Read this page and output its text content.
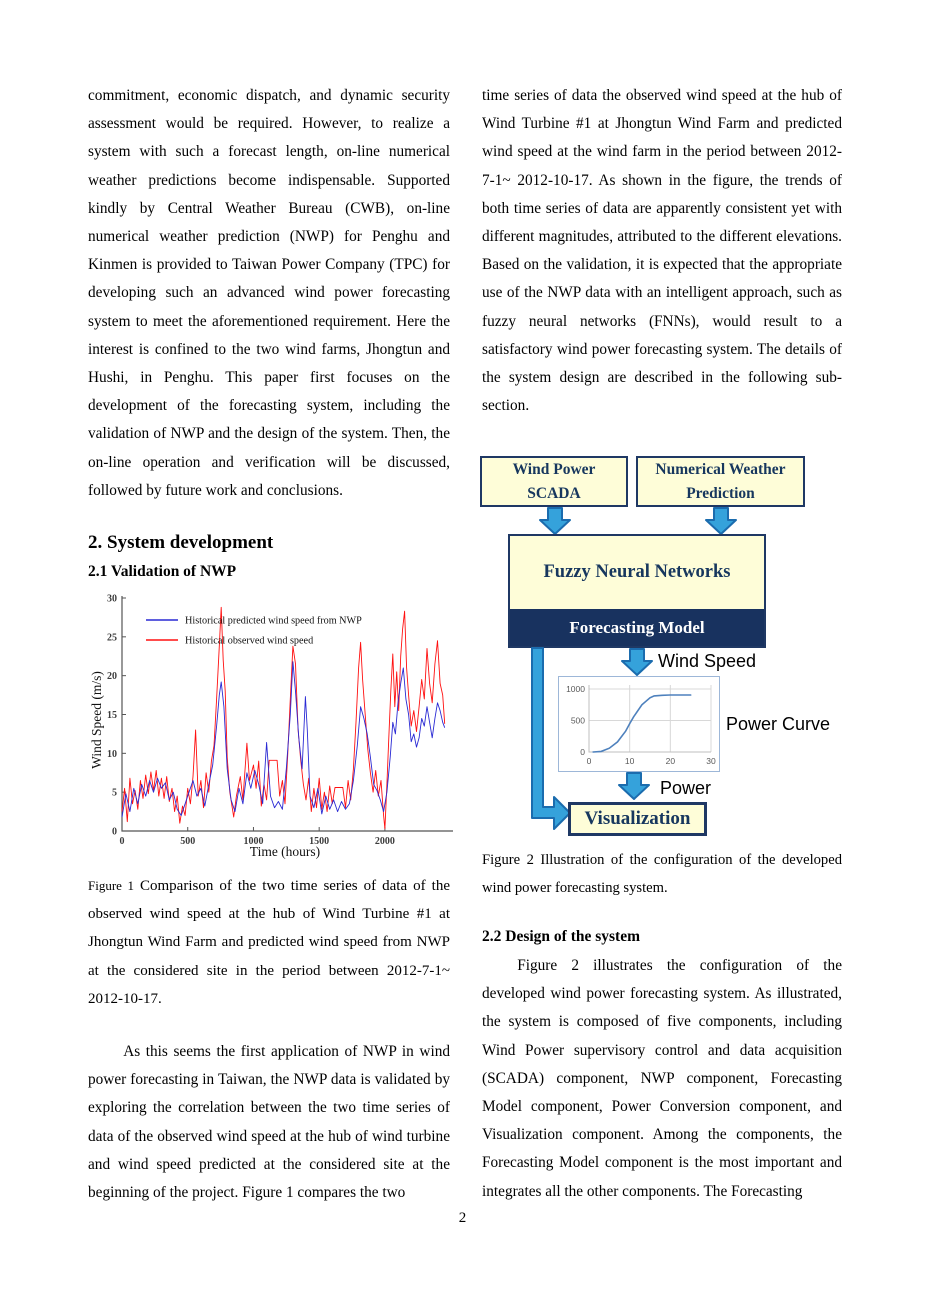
commitment, economic dispatch, and dynamic security assessment would be required. However, to realize a system with such a forecast length, on-line numerical weather predictions become indispensable. Supported kindly by Central Weather Bureau (CWB), on-line numerical weather prediction (NWP) for Penghu and Kinmen is provided to Taiwan Power Company (TPC) for developing such an advanced wind power forecasting system to meet the aforementioned requirement. Here the interest is confined to the two wind farms, Jhongtun and Hushi, in Penghu. This paper first focuses on the development of the forecasting system, including the validation of NWP and the design of the system. Then, the on-line operation and verification will be discussed, followed by future work and conclusions.

2. System development
2.1 Validation of NWP
0
5
10
15
20
25
30
0	500	1000	1500	2000
Historical predicted wind speed from NWP
Historical observed wind speed
Wind Speed (m/s)
Time (hours)

Figure 1 Comparison of the two time series of data of the observed wind speed at the hub of Wind Turbine #1 at Jhongtun Wind Farm and predicted wind speed from NWP at the considered site in the period between 2012-7-1~ 2012-10-17.

As this seems the first application of NWP in wind power forecasting in Taiwan, the NWP data is validated by exploring the correlation between the two time series of data of the observed wind speed at the hub of wind turbine and wind speed predicted at the considered site at the beginning of the project. Figure 1 compares the two

time series of data the observed wind speed at the hub of Wind Turbine #1 at Jhongtun Wind Farm and predicted wind speed at the wind farm in the period between 2012-7-1~ 2012-10-17. As shown in the figure, the trends of both time series of data are apparently consistent yet with different magnitudes, attributed to the different elevations. Based on the validation, it is expected that the appropriate use of the NWP data with an intelligent approach, such as fuzzy neural networks (FNNs), would result to a satisfactory wind power forecasting system. The details of the system design are described in the following sub-section.

Wind Power SCADA
Numerical Weather Prediction
Fuzzy Neural Networks
Forecasting Model
Wind Speed
0
500
1000
0	10	20	30
Power Curve
Power
Visualization

Figure 2 Illustration of the configuration of the developed wind power forecasting system.

2.2 Design of the system

Figure 2 illustrates the configuration of the developed wind power forecasting system. As illustrated, the system is composed of five components, including Wind Power supervisory control and data acquisition (SCADA) component, NWP component, Forecasting Model component, Power Conversion component, and Visualization component. Among the components, the Forecasting Model component is the most important and integrates all the other components. The Forecasting

2
